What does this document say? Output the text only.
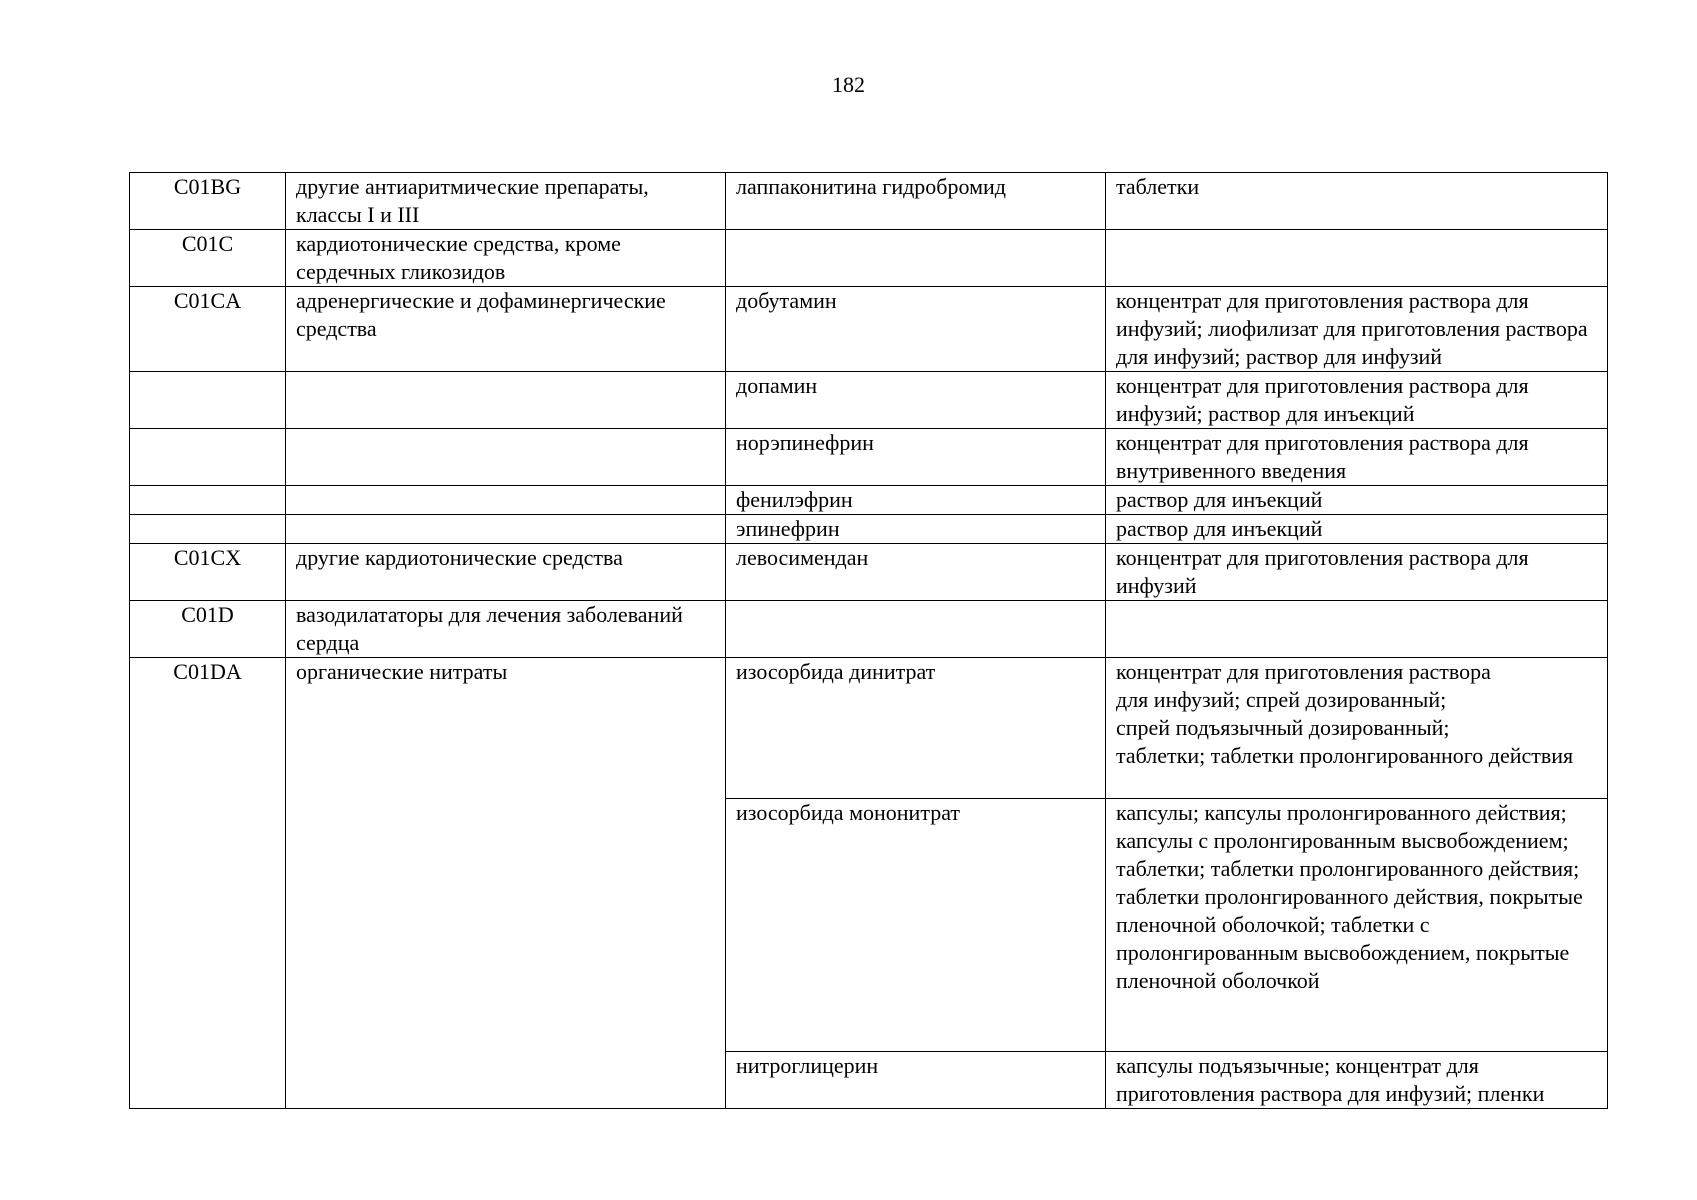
182
C01BG	другие антиаритмические препараты, классы I и III	лаппаконитина гидробромид	таблетки

C01C	кардиотонические средства, кроме сердечных гликозидов		
C01CA	адренергические и дофаминергические средства	добутамин	концентрат для приготовления раствора для инфузий; лиофилизат для приготовления раствора для инфузий; раствор для инфузий

		допамин	концентрат для приготовления раствора для инфузий; раствор для инъекций

		норэпинефрин	концентрат для приготовления раствора для внутривенного введения

		фенилэфрин	раствор для инъекций

		эпинефрин	раствор для инъекций

C01CX	другие кардиотонические средства	левосимендан	концентрат для приготовления раствора для инфузий

C01D	вазодилататоры для лечения заболеваний сердца		
C01DA	органические нитраты	изосорбида динитрат	концентрат для приготовления раствора
для инфузий; спрей дозированный;
спрей подъязычный дозированный;
таблетки; таблетки пролонгированного действия

		изосорбида мононитрат	капсулы; капсулы пролонгированного действия; капсулы с пролонгированным высвобождением;
таблетки; таблетки пролонгированного действия; таблетки пролонгированного действия, покрытые пленочной оболочкой; таблетки с пролонгированным высвобождением, покрытые пленочной оболочкой

		нитроглицерин	капсулы подъязычные; концентрат для приготовления раствора для инфузий; пленки
